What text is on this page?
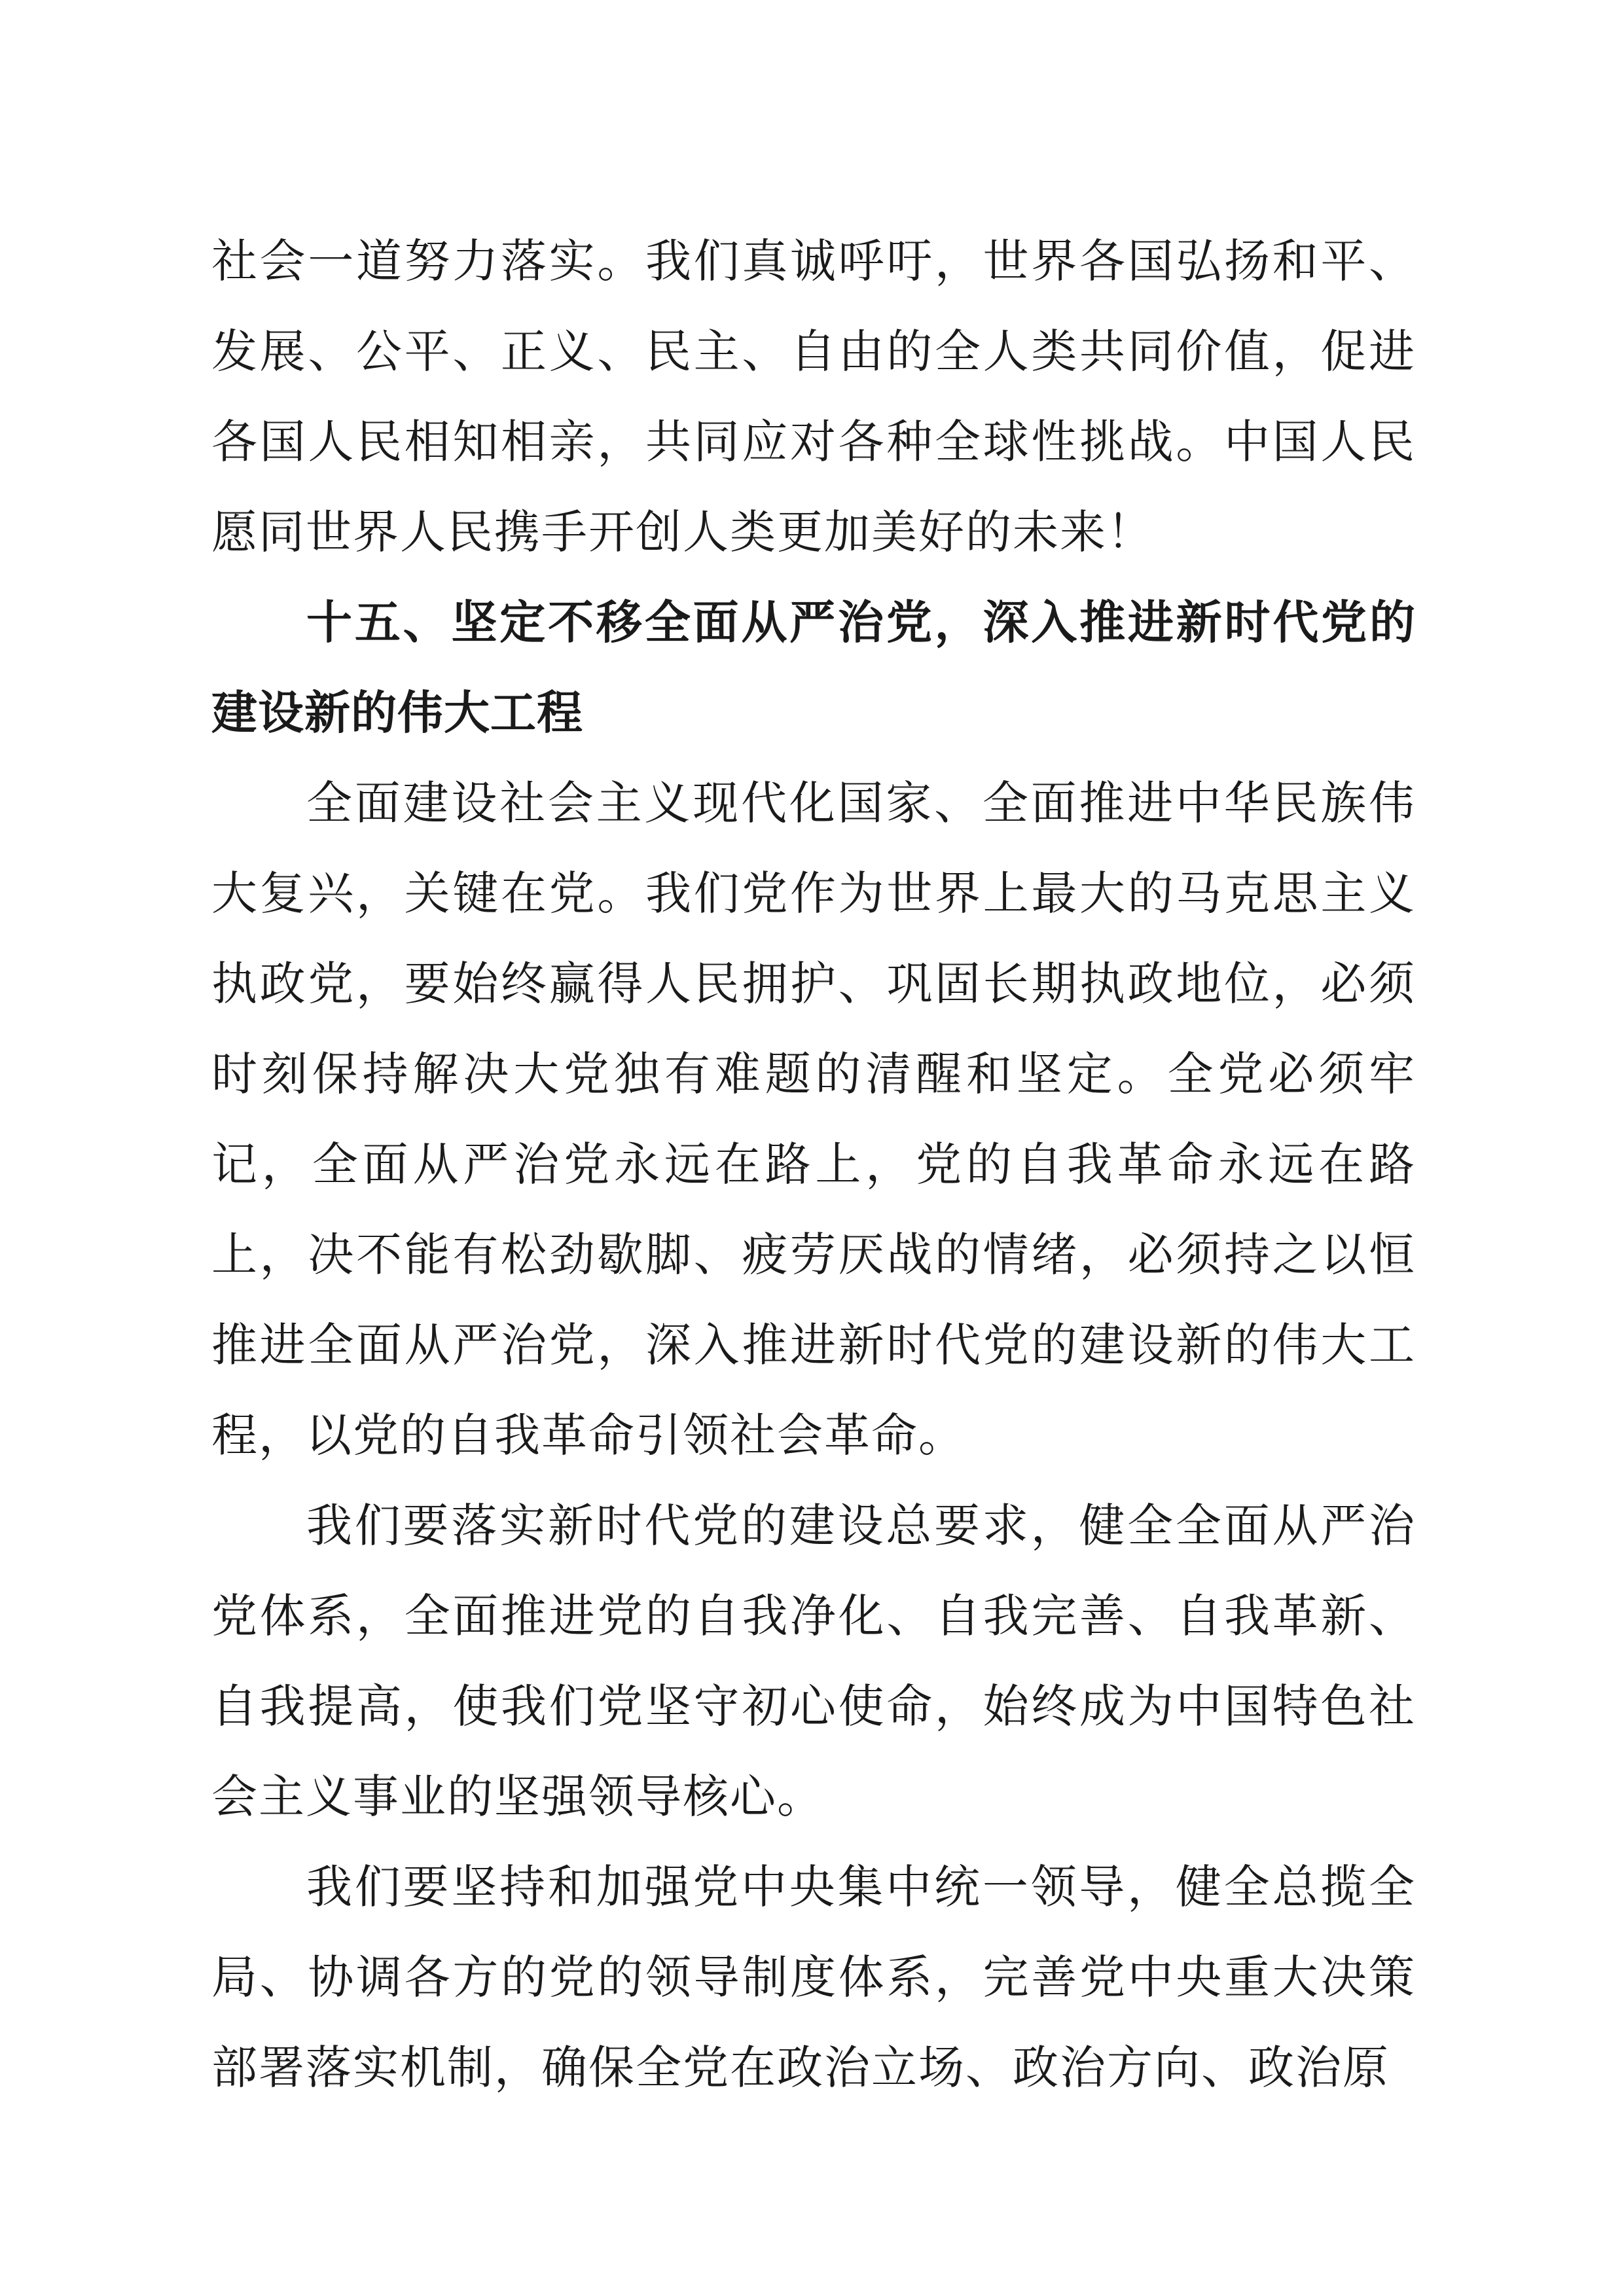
社会一道努力落实。我们真诚呼吁，世界各国弘扬和平、发展、公平、正义、民主、自由的全人类共同价值，促进各国人民相知相亲，共同应对各种全球性挑战。中国人民愿同世界人民携手开创人类更加美好的未来！

十五、坚定不移全面从严治党，深入推进新时代党的建设新的伟大工程

全面建设社会主义现代化国家、全面推进中华民族伟大复兴，关键在党。我们党作为世界上最大的马克思主义执政党，要始终赢得人民拥护、巩固长期执政地位，必须时刻保持解决大党独有难题的清醒和坚定。全党必须牢记，全面从严治党永远在路上，党的自我革命永远在路上，决不能有松劲歇脚、疲劳厌战的情绪，必须持之以恒推进全面从严治党，深入推进新时代党的建设新的伟大工程，以党的自我革命引领社会革命。

我们要落实新时代党的建设总要求，健全全面从严治党体系，全面推进党的自我净化、自我完善、自我革新、自我提高，使我们党坚守初心使命，始终成为中国特色社会主义事业的坚强领导核心。

我们要坚持和加强党中央集中统一领导，健全总揽全局、协调各方的党的领导制度体系，完善党中央重大决策部署落实机制，确保全党在政治立场、政治方向、政治原
